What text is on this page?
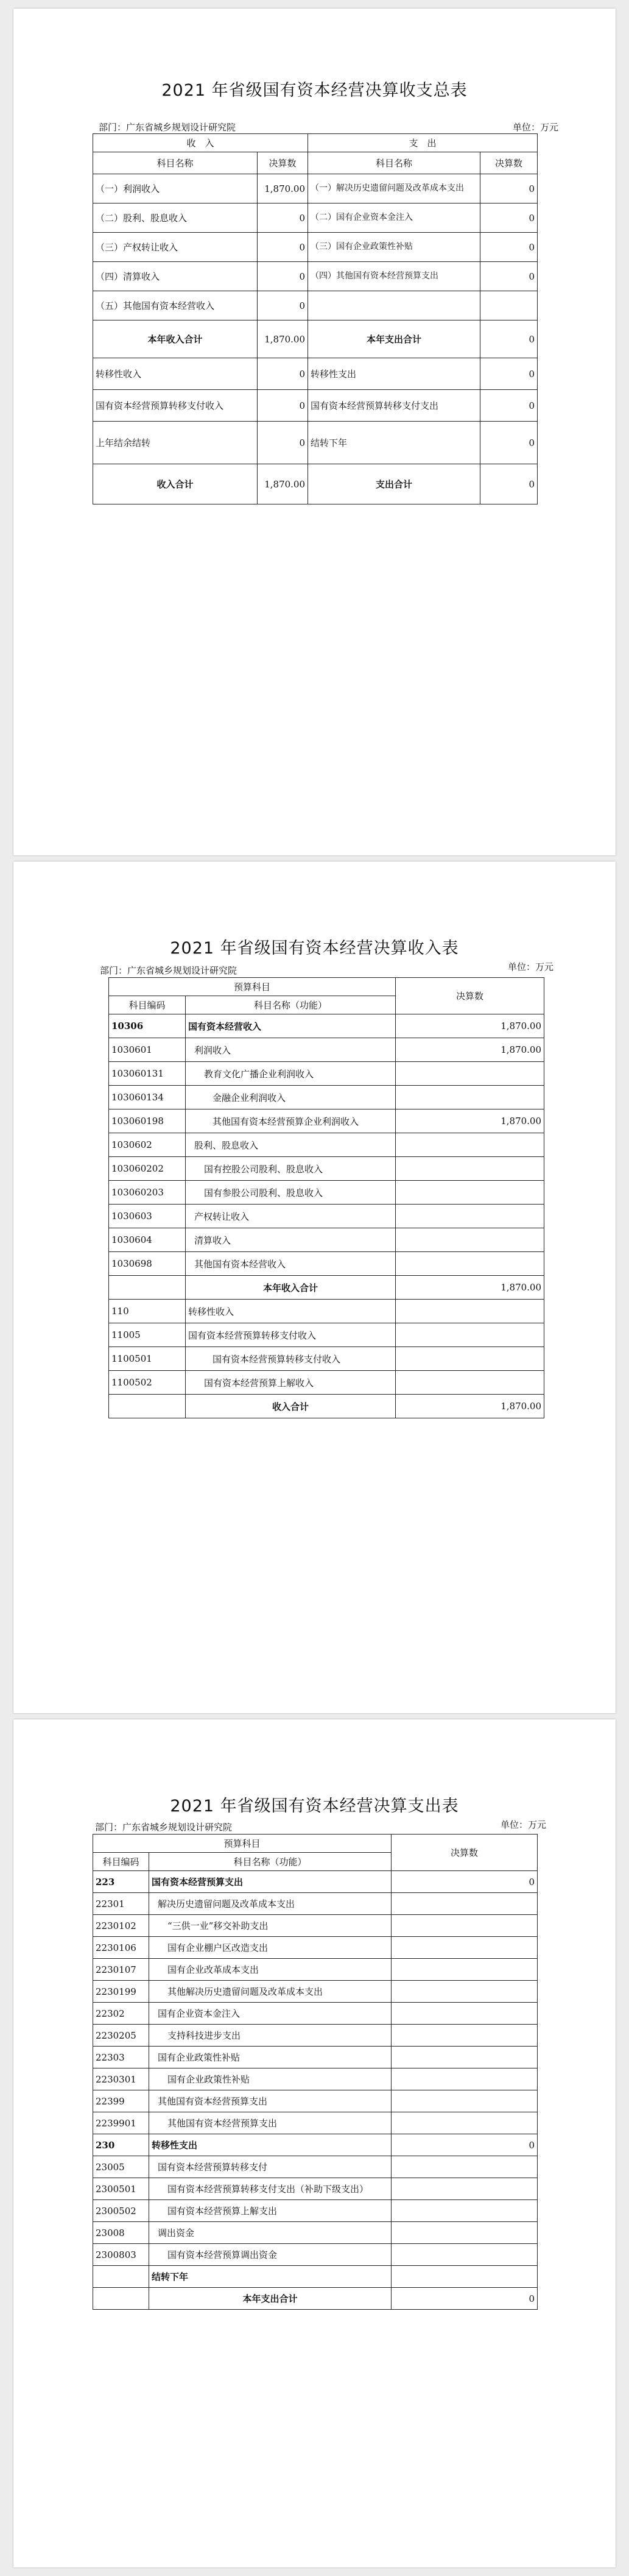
2021 年省级国有资本经营决算收支总表
部门：广东省城乡规划设计研究院	单位：万元
收　入		支　出	
科目名称	决算数	科目名称	决算数
（一）利润收入	1,870.00	（一）解决历史遗留问题及改革成本支出	0
（二）股利、股息收入	0	（二）国有企业资本金注入	0
（三）产权转让收入	0	（三）国有企业政策性补贴	0
（四）清算收入	0	（四）其他国有资本经营预算支出	0
（五）其他国有资本经营收入	0		
本年收入合计	1,870.00	本年支出合计	0
转移性收入	0	转移性支出	0
国有资本经营预算转移支付收入	0	国有资本经营预算转移支付支出	0
上年结余结转	0	结转下年	0
收入合计	1,870.00	支出合计	0
2021 年省级国有资本经营决算收入表
部门：广东省城乡规划设计研究院	单位：万元
预算科目		决算数
科目编码	科目名称（功能）	
10306	国有资本经营收入	1,870.00
1030601	利润收入	1,870.00
103060131	教育文化广播企业利润收入	
103060134	金融企业利润收入	
103060198	其他国有资本经营预算企业利润收入	1,870.00
1030602	股利、股息收入	
103060202	国有控股公司股利、股息收入	
103060203	国有参股公司股利、股息收入	
1030603	产权转让收入	
1030604	清算收入	
1030698	其他国有资本经营收入	
	本年收入合计	1,870.00
110	转移性收入	
11005	国有资本经营预算转移支付收入	
1100501	国有资本经营预算转移支付收入	
1100502	国有资本经营预算上解收入	
	收入合计	1,870.00
2021 年省级国有资本经营决算支出表
部门：广东省城乡规划设计研究院	单位：万元
预算科目		决算数
科目编码	科目名称（功能）	
223	国有资本经营预算支出	0
22301	解决历史遗留问题及改革成本支出	
2230102	“三供一业”移交补助支出	
2230106	国有企业棚户区改造支出	
2230107	国有企业改革成本支出	
2230199	其他解决历史遗留问题及改革成本支出	
22302	国有企业资本金注入	
2230205	支持科技进步支出	
22303	国有企业政策性补贴	
2230301	国有企业政策性补贴	
22399	其他国有资本经营预算支出	
2239901	其他国有资本经营预算支出	
230	转移性支出	0
23005	国有资本经营预算转移支付	
2300501	国有资本经营预算转移支付支出（补助下级支出）	
2300502	国有资本经营预算上解支出	
23008	调出资金	
2300803	国有资本经营预算调出资金	
	结转下年	
	本年支出合计	0
